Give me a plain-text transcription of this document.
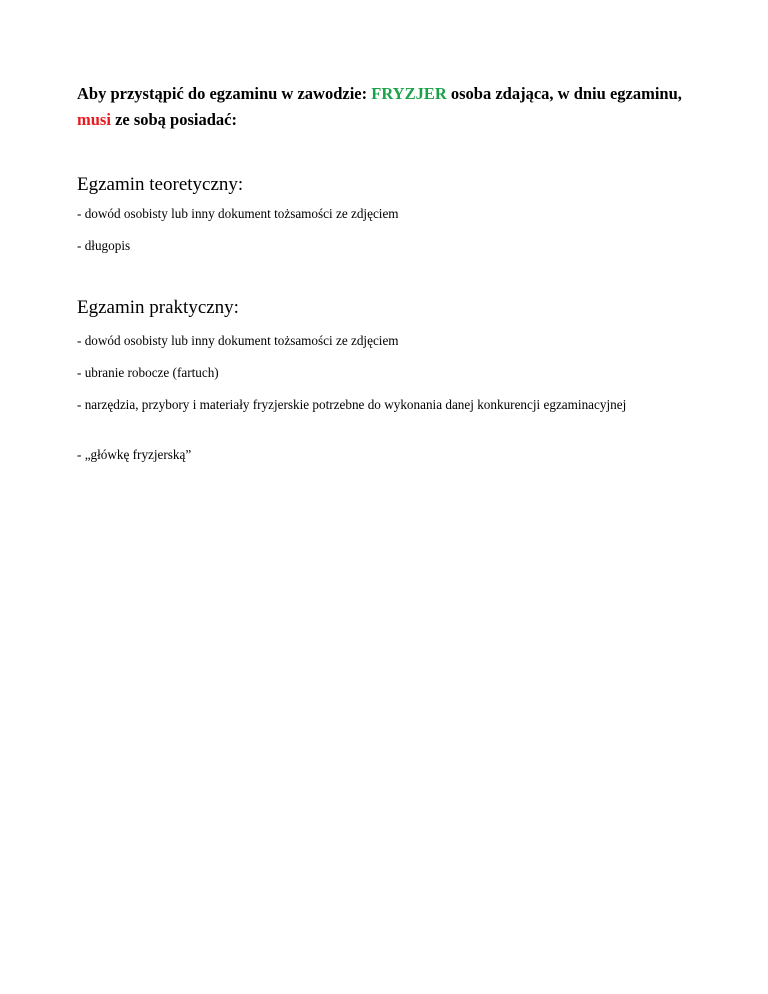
Aby przystąpić do egzaminu w zawodzie: FRYZJER osoba zdająca, w dniu egzaminu, musi ze sobą posiadać:

Egzamin teoretyczny:

- dowód osobisty lub inny dokument tożsamości ze zdjęciem

- długopis

Egzamin praktyczny:

- dowód osobisty lub inny dokument tożsamości ze zdjęciem

- ubranie robocze (fartuch)

- narzędzia, przybory i materiały fryzjerskie potrzebne do wykonania danej konkurencji egzaminacyjnej

- „główkę fryzjerską”
